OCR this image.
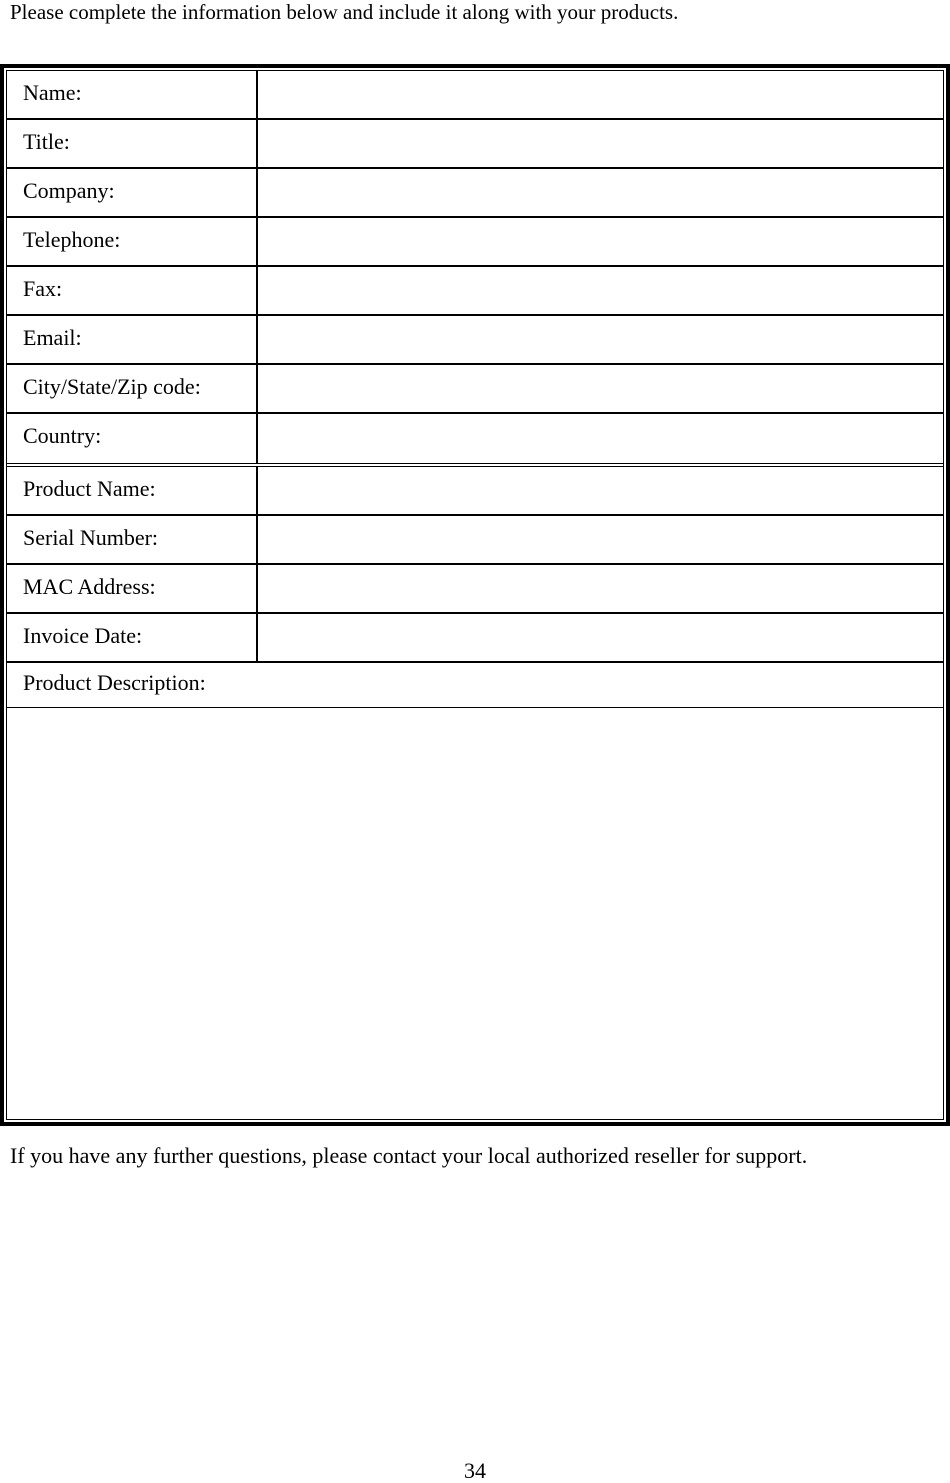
Please complete the information below and include it along with your products.
Name:
Title:
Company:
Telephone:
Fax:
Email:
City/State/Zip code:
Country:
Product Name:
Serial Number:
MAC Address:
Invoice Date:
Product Description:
If you have any further questions, please contact your local authorized reseller for support.
34
